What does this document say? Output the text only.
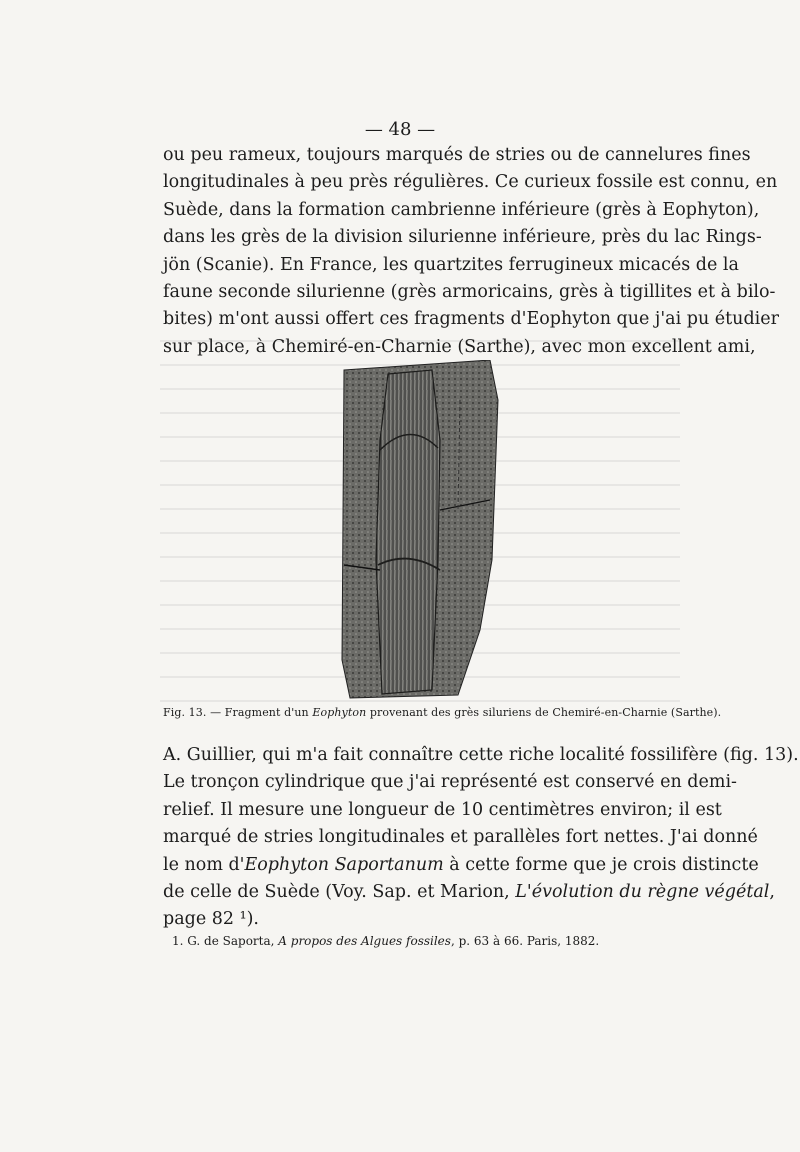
— 48 —
ou peu rameux, toujours marqués de stries ou de cannelures fines
longitudinales à peu près régulières. Ce curieux fossile est connu, en
Suède, dans la formation cambrienne inférieure (grès à Eophyton),
dans les grès de la division silurienne inférieure, près du lac Rings-
jön (Scanie). En France, les quartzites ferrugineux micacés de la
faune seconde silurienne (grès armoricains, grès à tigillites et à bilo-
bites) m'ont aussi offert ces fragments d'Eophyton que j'ai pu étudier
sur place, à Chemiré-en-Charnie (Sarthe), avec mon excellent ami,
Fig. 13. — Fragment d'un Eophyton provenant des grès siluriens de Chemiré-en-Charnie (Sarthe).
A. Guillier, qui m'a fait connaître cette riche localité fossilifère (fig. 13).
Le tronçon cylindrique que j'ai représenté est conservé en demi-
relief. Il mesure une longueur de 10 centimètres environ; il est
marqué de stries longitudinales et parallèles fort nettes. J'ai donné
le nom d'Eophyton Saportanum à cette forme que je crois distincte
de celle de Suède (Voy. Sap. et Marion, L'évolution du règne végétal,
page 82 ¹).
1. G. de Saporta, A propos des Algues fossiles, p. 63 à 66. Paris, 1882.
